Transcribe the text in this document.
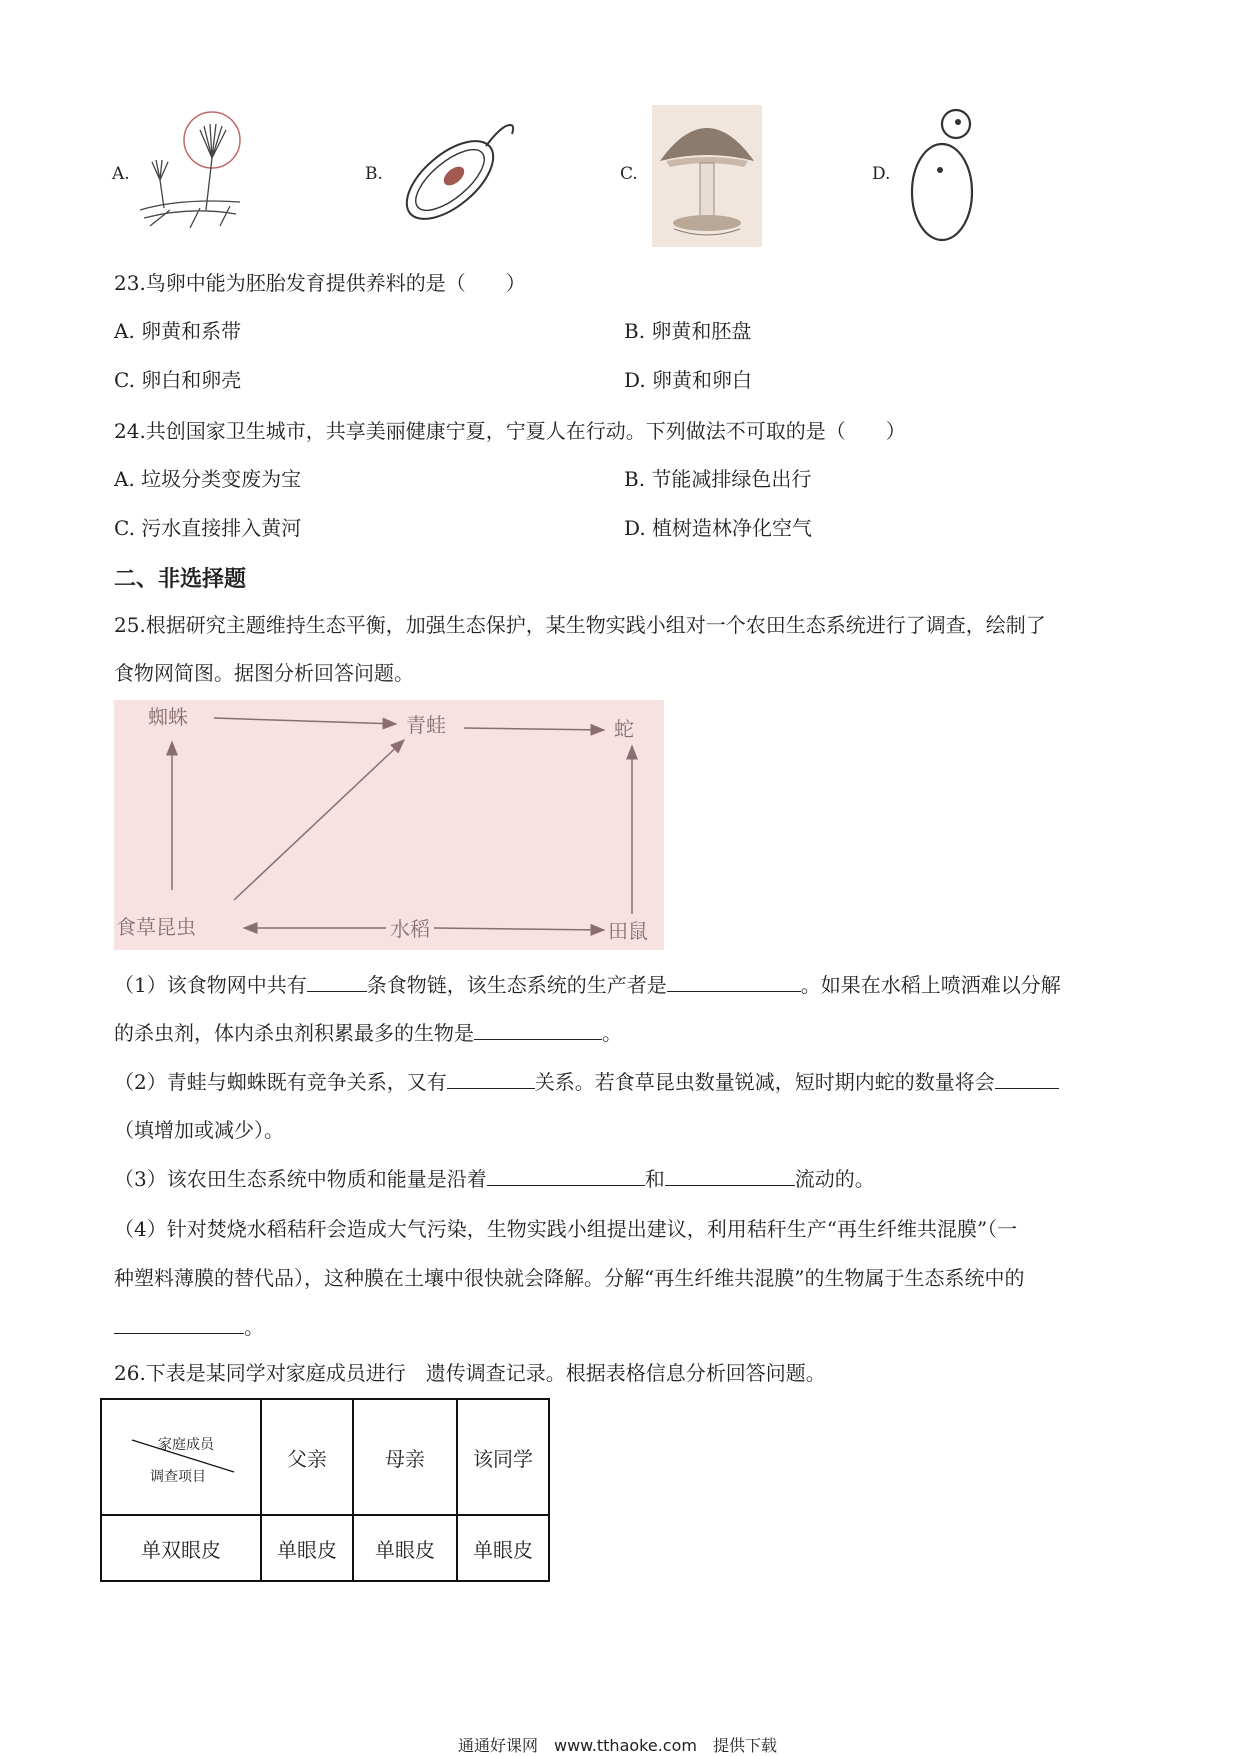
A.	B.	C.	D.
23.鸟卵中能为胚胎发育提供养料的是（　　）
A. 卵黄和系带	B. 卵黄和胚盘
C. 卵白和卵壳	D. 卵黄和卵白
24.共创国家卫生城市，共享美丽健康宁夏，宁夏人在行动。下列做法不可取的是（　　）
A. 垃圾分类变废为宝	B. 节能减排绿色出行
C. 污水直接排入黄河	D. 植树造林净化空气
二、非选择题
25.根据研究主题维持生态平衡，加强生态保护，某生物实践小组对一个农田生态系统进行了调查，绘制了
食物网简图。据图分析回答问题。
蜘蛛	青蛙	蛇
食草昆虫	水稻	田鼠
（1）该食物网中共有	条食物链，该生态系统的生产者是	。如果在水稻上喷洒难以分解
的杀虫剂，体内杀虫剂积累最多的生物是	。
（2）青蛙与蜘蛛既有竞争关系，又有	关系。若食草昆虫数量锐减，短时期内蛇的数量将会
（填增加或减少）。
（3）该农田生态系统中物质和能量是沿着	和	流动的。
（4）针对焚烧水稻秸秆会造成大气污染，生物实践小组提出建议，利用秸秆生产“再生纤维共混膜”（一
种塑料薄膜的替代品），这种膜在土壤中很快就会降解。分解“再生纤维共混膜”的生物属于生态系统中的
。
26.下表是某同学对家庭成员进行　遗传调查记录。根据表格信息分析回答问题。
家庭成员
调查项目	父亲	母亲	该同学
单双眼皮	单眼皮	单眼皮	单眼皮
通通好课网　www.tthaoke.com　提供下载
